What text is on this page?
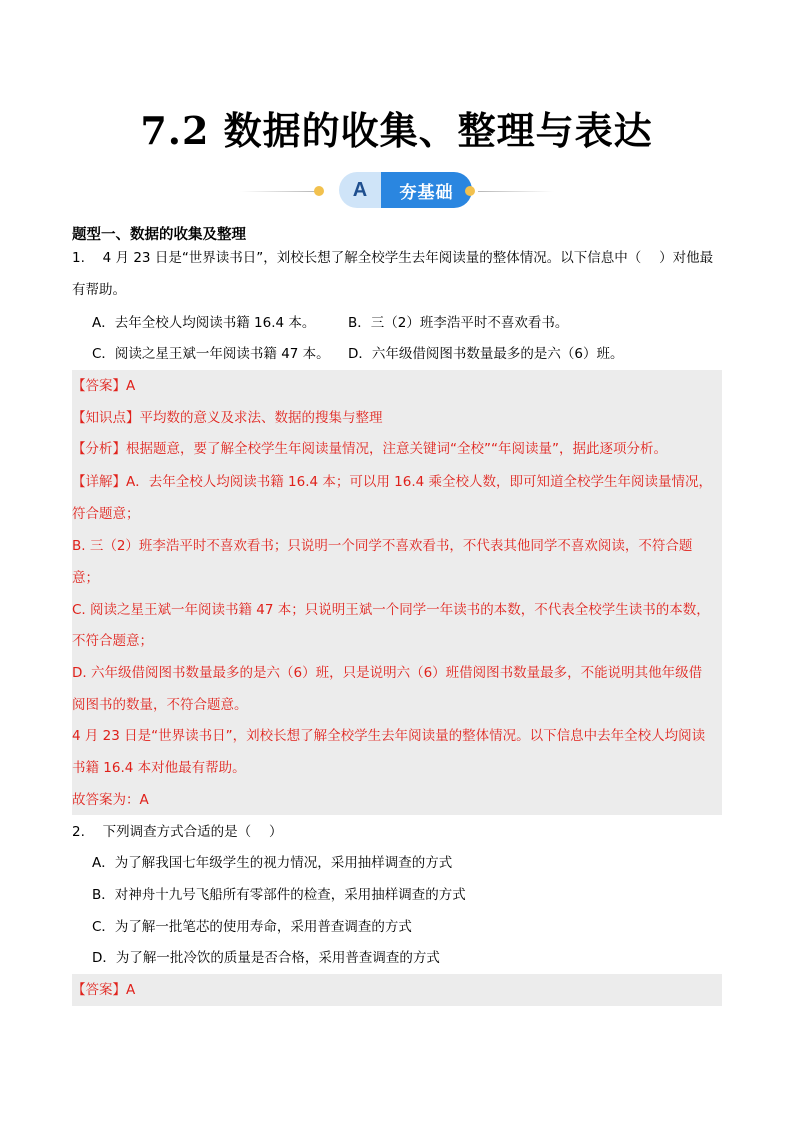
7.2 数据的收集、整理与表达
A	夯基础
题型一、数据的收集及整理
1.　 4 月 23 日是“世界读书日”，刘校长想了解全校学生去年阅读量的整体情况。以下信息中（　 ）对他最
有帮助。
A．去年全校人均阅读书籍 16.4 本。 B．三（2）班李浩平时不喜欢看书。
C．阅读之星王斌一年阅读书籍 47 本。 D．六年级借阅图书数量最多的是六（6）班。
【答案】A
【知识点】平均数的意义及求法、数据的搜集与整理
【分析】根据题意，要了解全校学生年阅读量情况，注意关键词“全校”“年阅读量”，据此逐项分析。
【详解】A．去年全校人均阅读书籍 16.4 本；可以用 16.4 乘全校人数，即可知道全校学生年阅读量情况，
符合题意；
B. 三（2）班李浩平时不喜欢看书；只说明一个同学不喜欢看书，不代表其他同学不喜欢阅读，不符合题
意；
C. 阅读之星王斌一年阅读书籍 47 本；只说明王斌一个同学一年读书的本数，不代表全校学生读书的本数，
不符合题意；
D. 六年级借阅图书数量最多的是六（6）班，只是说明六（6）班借阅图书数量最多，不能说明其他年级借
阅图书的数量，不符合题意。
4 月 23 日是“世界读书日”，刘校长想了解全校学生去年阅读量的整体情况。以下信息中去年全校人均阅读
书籍 16.4 本对他最有帮助。
故答案为：A
2.　 下列调查方式合适的是（　 ）
A．为了解我国七年级学生的视力情况，采用抽样调查的方式
B．对神舟十九号飞船所有零部件的检查，采用抽样调查的方式
C．为了解一批笔芯的使用寿命，采用普查调查的方式
D．为了解一批冷饮的质量是否合格，采用普查调查的方式
【答案】A
